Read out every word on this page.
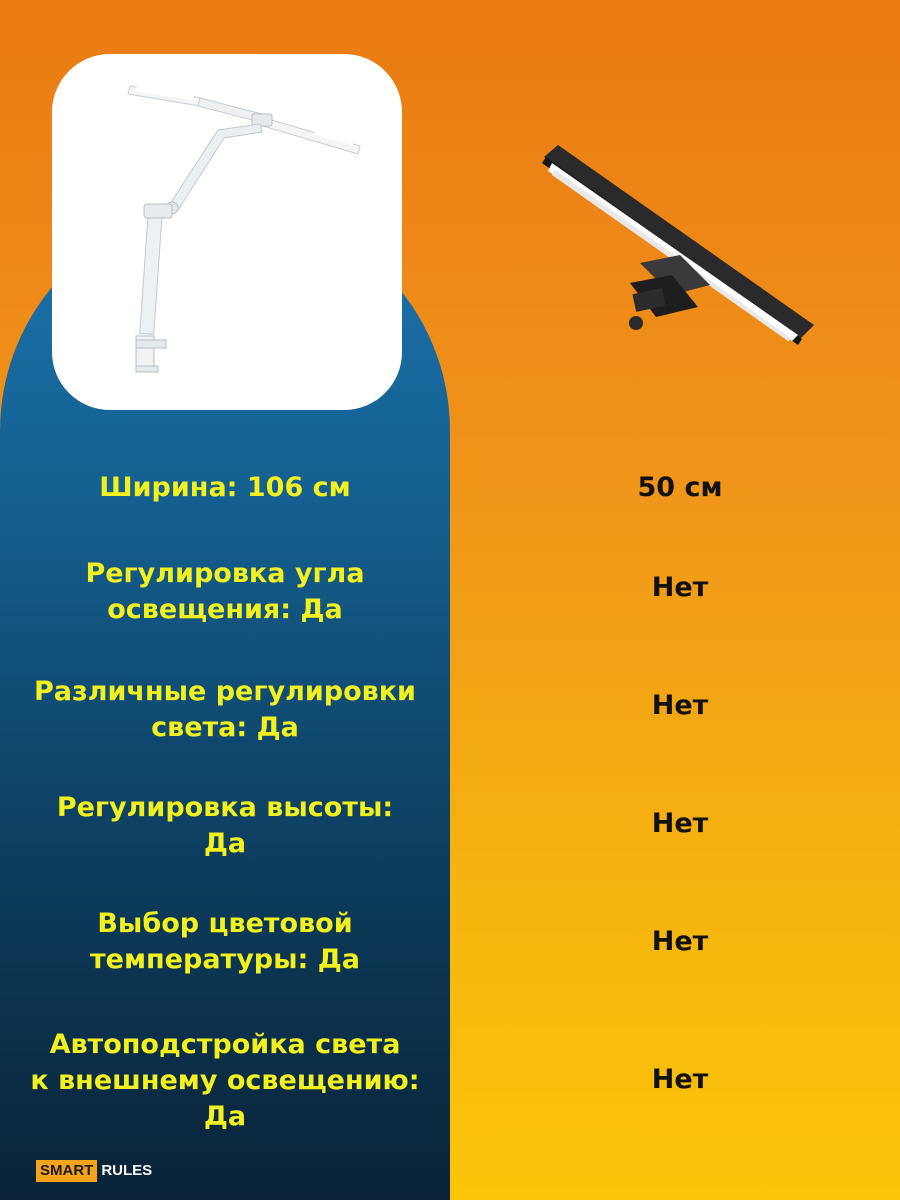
Ширина: 106 см	50 см
Регулировка угла
освещения: Да
Нет
Различные регулировки
света: Да
Нет
Регулировка высоты:
Да
Нет
Выбор цветовой
температуры: Да
Нет
Автоподстройка света
к внешнему освещению:
Да
Нет
SMART RULES
